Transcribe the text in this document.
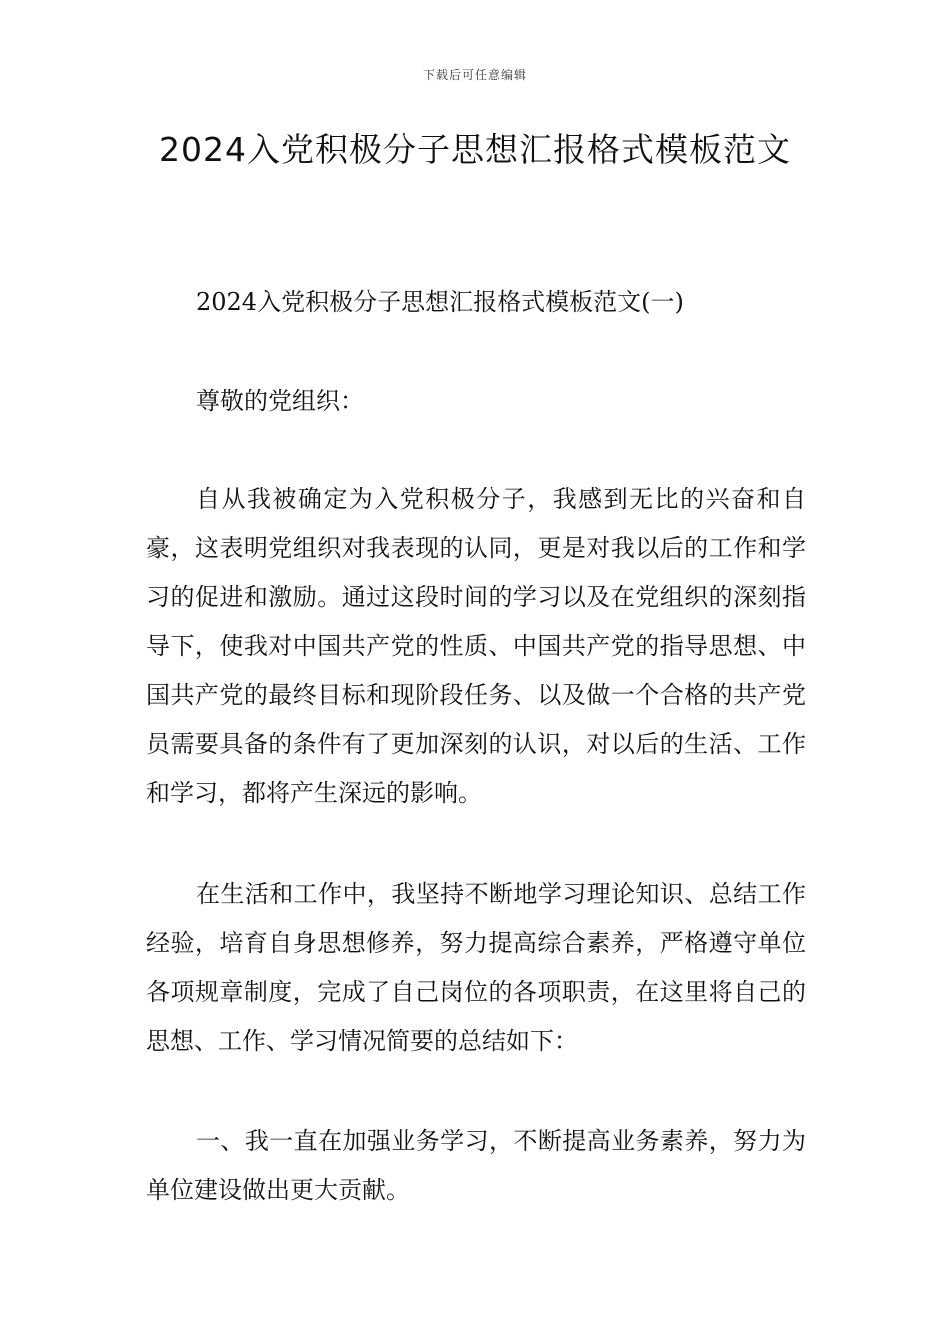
下载后可任意编辑
2024入党积极分子思想汇报格式模板范文

2024入党积极分子思想汇报格式模板范文(一)

尊敬的党组织：

自从我被确定为入党积极分子，我感到无比的兴奋和自豪，这表明党组织对我表现的认同，更是对我以后的工作和学习的促进和激励。通过这段时间的学习以及在党组织的深刻指导下，使我对中国共产党的性质、中国共产党的指导思想、中国共产党的最终目标和现阶段任务、以及做一个合格的共产党员需要具备的条件有了更加深刻的认识，对以后的生活、工作和学习，都将产生深远的影响。

在生活和工作中，我坚持不断地学习理论知识、总结工作经验，培育自身思想修养，努力提高综合素养，严格遵守单位各项规章制度，完成了自己岗位的各项职责，在这里将自己的思想、工作、学习情况简要的总结如下：

一、我一直在加强业务学习，不断提高业务素养，努力为单位建设做出更大贡献。
